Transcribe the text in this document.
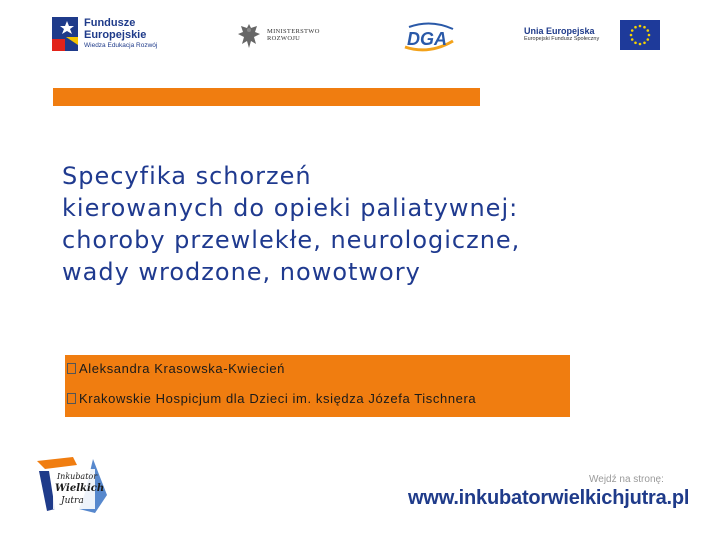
Fundusze
Europejskie
Wiedza Edukacja Rozwój
MINISTERSTWO
ROZWOJU	DGA	Unia Europejska
Europejski Fundusz Społeczny
Specyfika schorzeń
kierowanych do opieki paliatywnej:
choroby przewlekłe, neurologiczne,
wady wrodzone, nowotwory
Aleksandra Krasowska-Kwiecień
Krakowskie Hospicjum dla Dzieci im. księdza Józefa Tischnera
Inkubator
Wielkich
Jutra
Wejdź na stronę:
www.inkubatorwielkichjutra.pl
